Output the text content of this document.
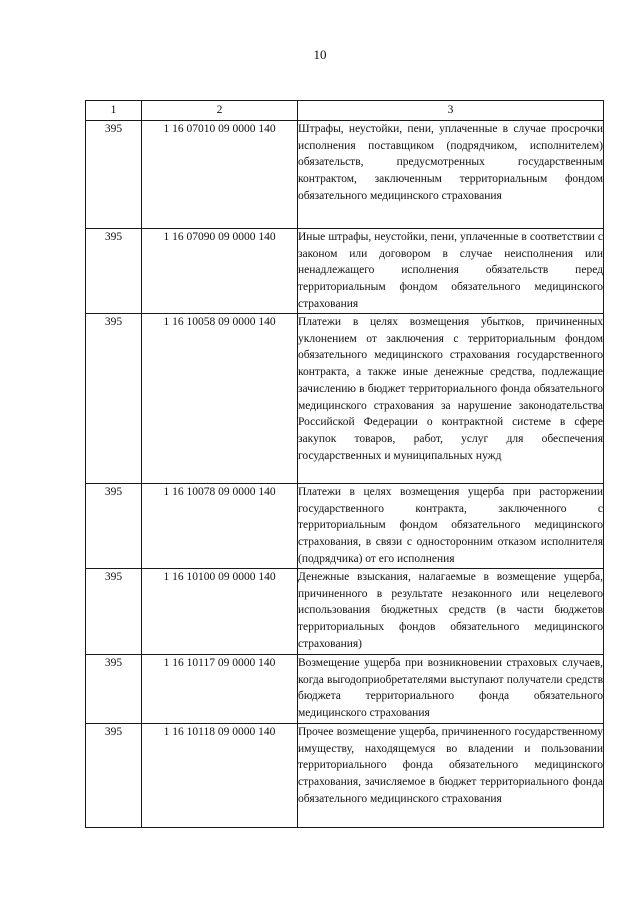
10
1	2	3
395	1 16 07010 09 0000 140	Штрафы, неустойки, пени, уплаченные в случае просрочки исполнения поставщиком (подрядчиком, исполнителем) обязательств, предусмотренных государственным контрактом, заключенным территориальным фондом обязательного медицинского страхования
395	1 16 07090 09 0000 140	Иные штрафы, неустойки, пени, уплаченные в соответствии с законом или договором в случае неисполнения или ненадлежащего исполнения обязательств перед территориальным фондом обязательного медицинского страхования
395	1 16 10058 09 0000 140	Платежи в целях возмещения убытков, причиненных уклонением от заключения с территориальным фондом обязательного медицинского страхования государственного контракта, а также иные денежные средства, подлежащие зачислению в бюджет территориального фонда обязательного медицинского страхования за нарушение законодательства Российской Федерации о контрактной системе в сфере закупок товаров, работ, услуг для обеспечения государственных и муниципальных нужд
395	1 16 10078 09 0000 140	Платежи в целях возмещения ущерба при расторжении государственного контракта, заключенного с территориальным фондом обязательного медицинского страхования, в связи с односторонним отказом исполнителя (подрядчика) от его исполнения
395	1 16 10100 09 0000 140	Денежные взыскания, налагаемые в возмещение ущерба, причиненного в результате незаконного или нецелевого использования бюджетных средств (в части бюджетов территориальных фондов обязательного медицинского страхования)
395	1 16 10117 09 0000 140	Возмещение ущерба при возникновении страховых случаев, когда выгодоприобретателями выступают получатели средств бюджета территориального фонда обязательного медицинского страхования
395	1 16 10118 09 0000 140	Прочее возмещение ущерба, причиненного государственному имуществу, находящемуся во владении и пользовании территориального фонда обязательного медицинского страхования, зачисляемое в бюджет территориального фонда обязательного медицинского страхования
